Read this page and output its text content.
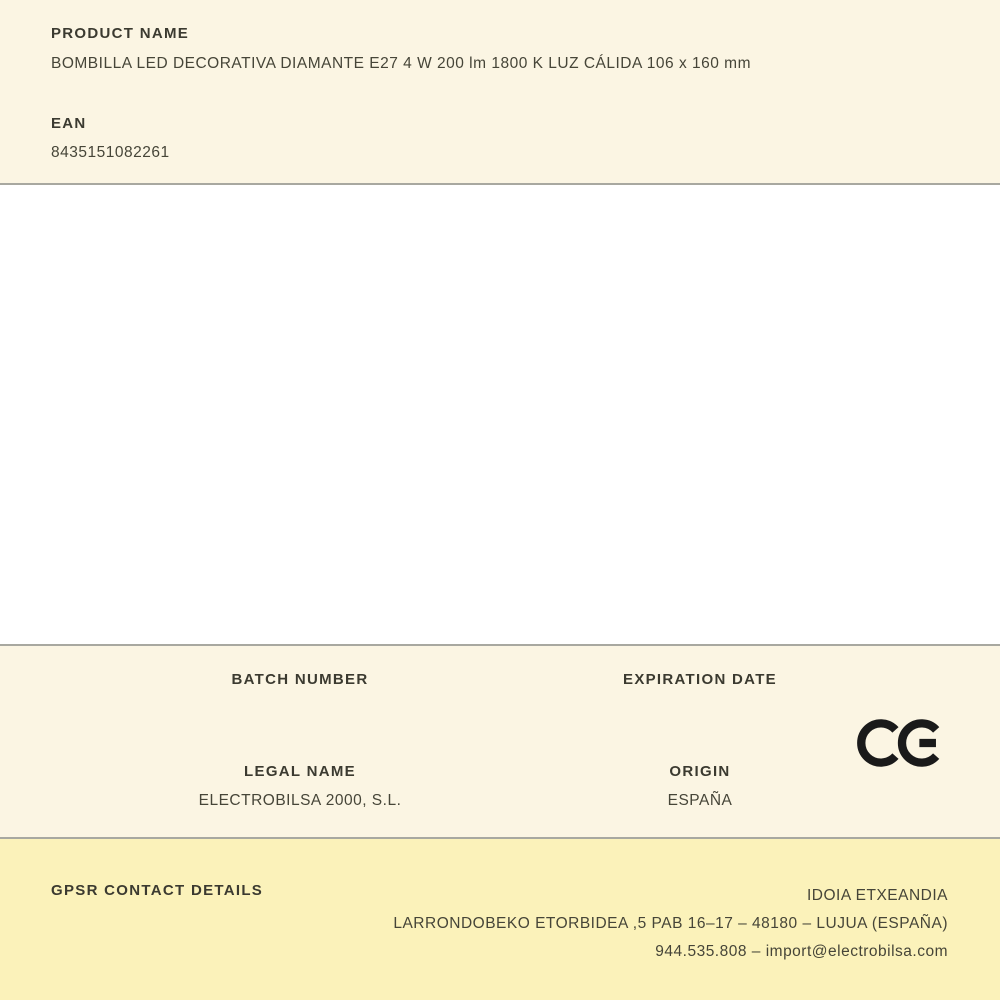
PRODUCT NAME
BOMBILLA LED DECORATIVA DIAMANTE E27 4 W 200 lm 1800 K LUZ CÁLIDA 106 x 160 mm
EAN
8435151082261
BATCH NUMBER	EXPIRATION DATE
LEGAL NAME
ELECTROBILSA 2000, S.L.
ORIGIN
ESPAÑA
GPSR CONTACT DETAILS	IDOIA ETXEANDIA
LARRONDOBEKO ETORBIDEA ,5 PAB 16–17 – 48180 – LUJUA (ESPAÑA)
944.535.808 – import@electrobilsa.com
